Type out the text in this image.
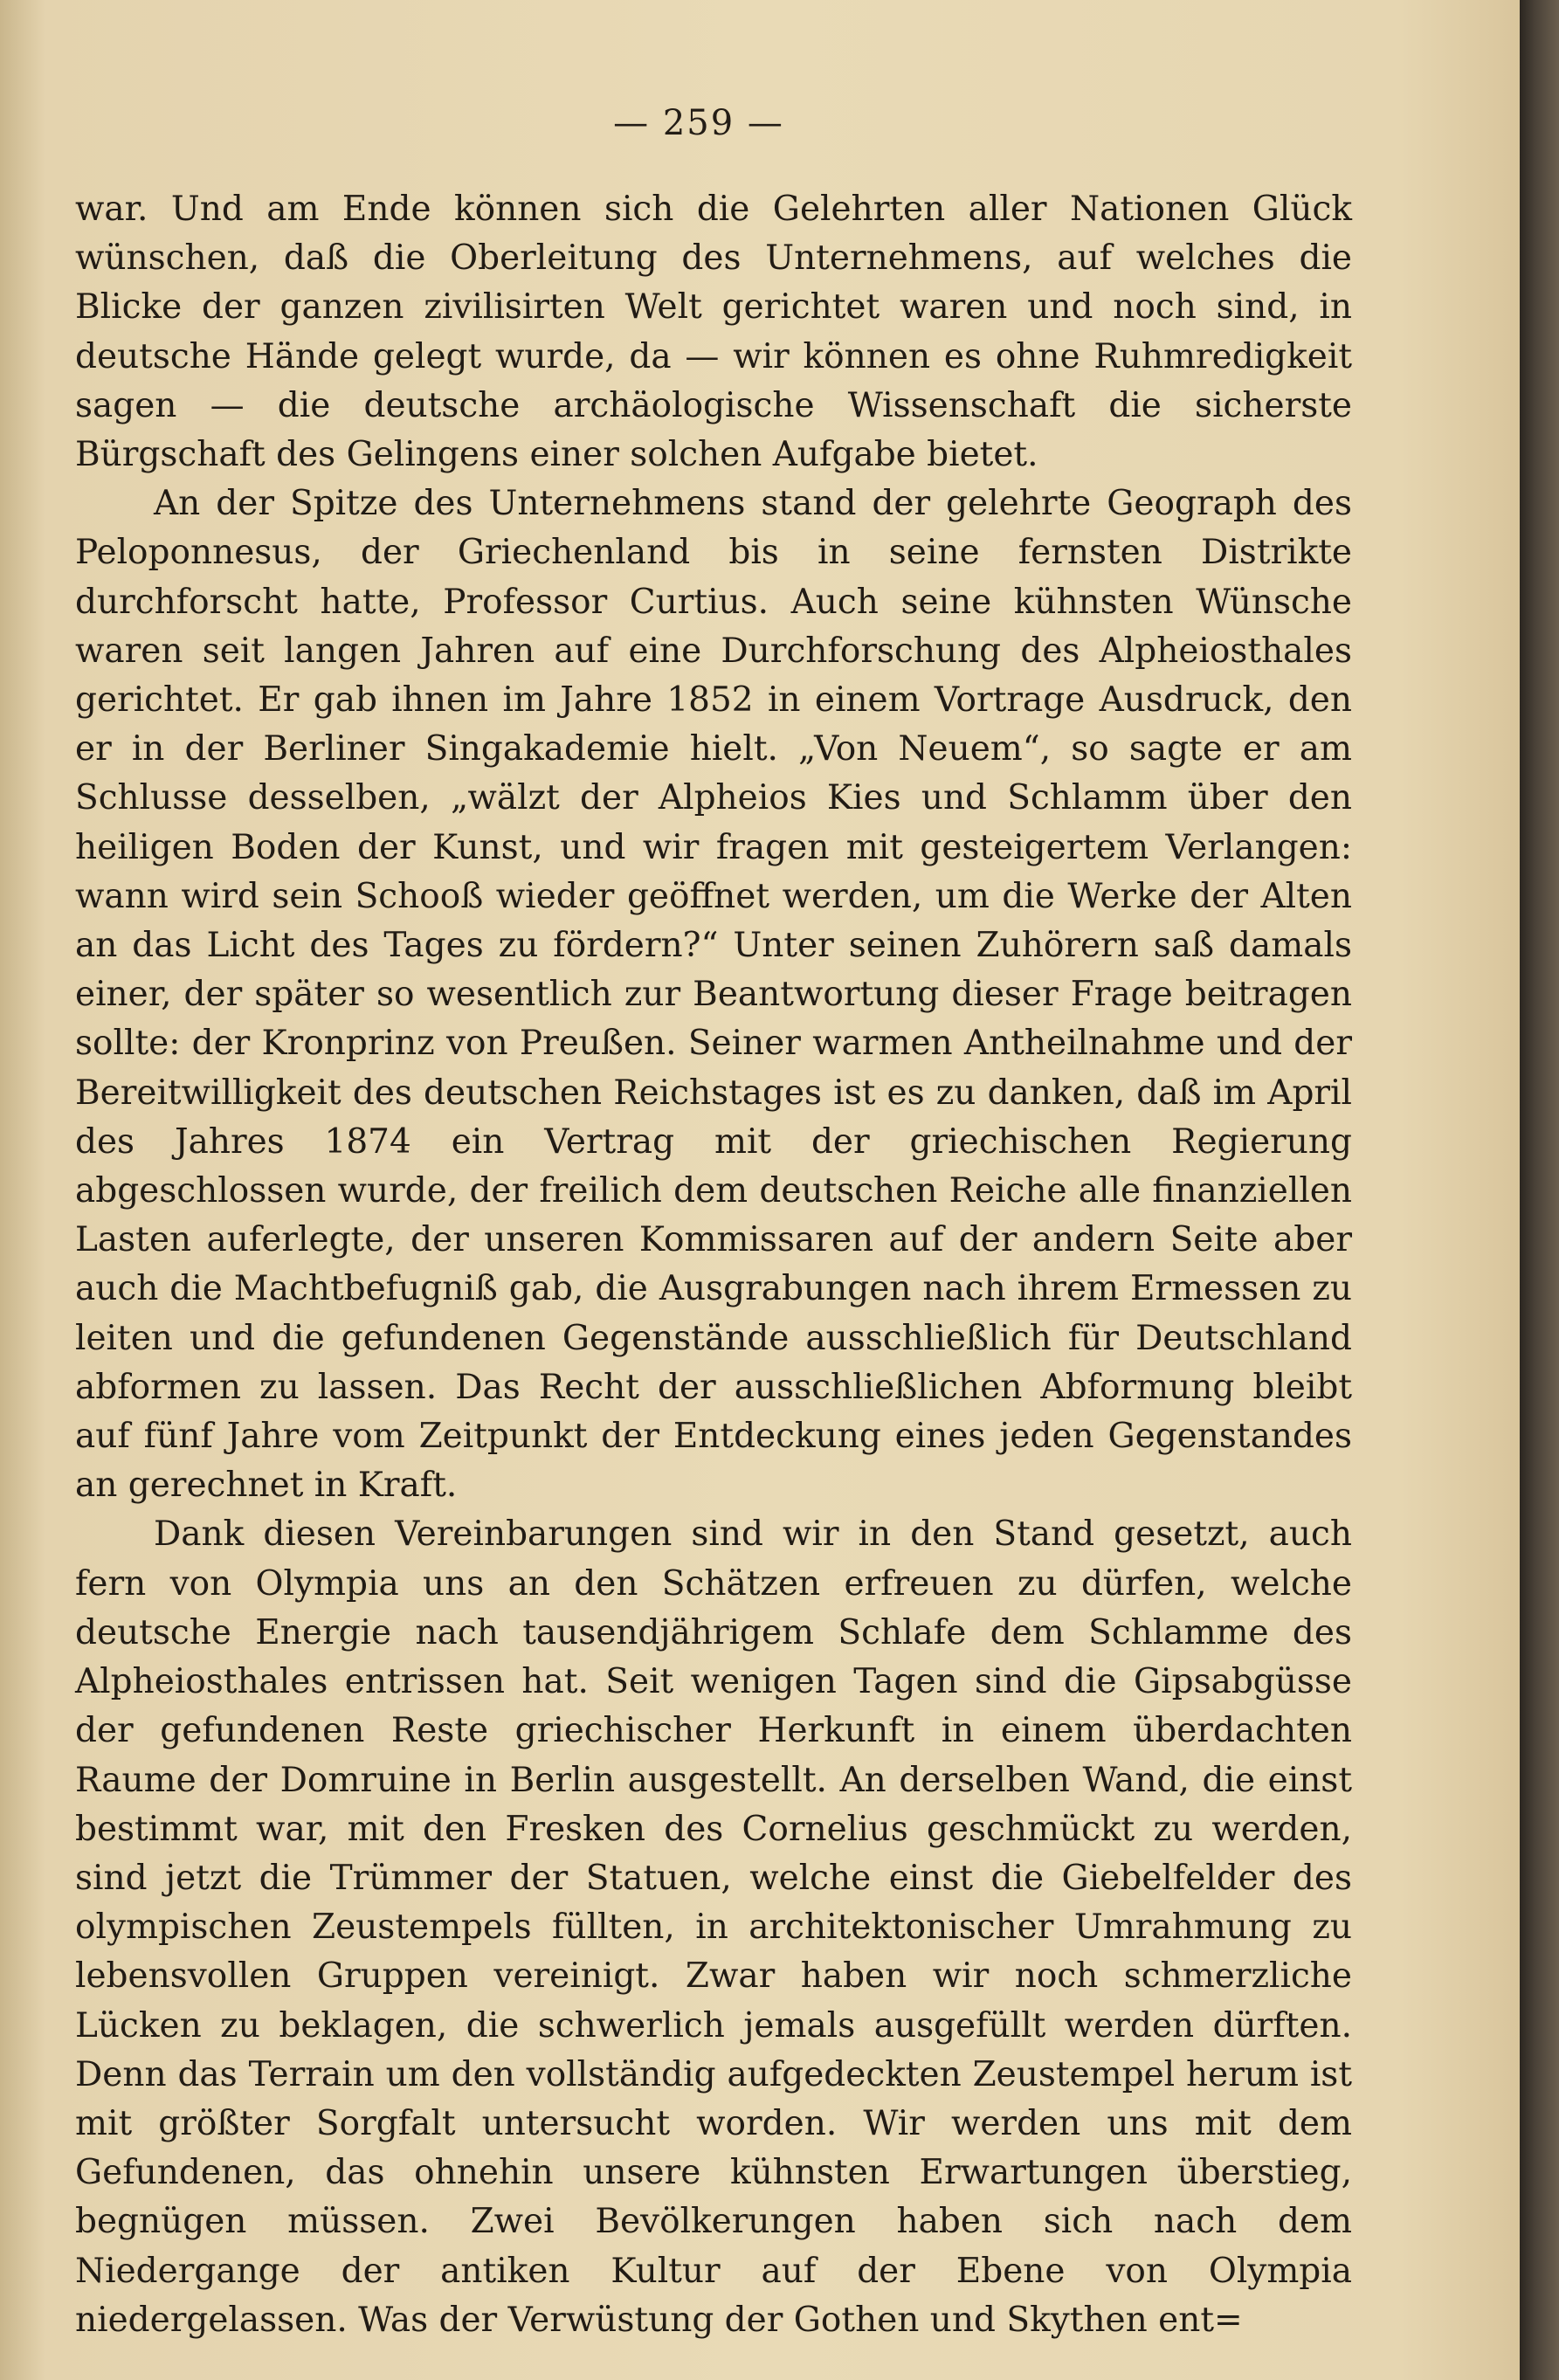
— 259 —

war. Und am Ende können sich die Gelehrten aller Nationen Glück wünschen, daß die Oberleitung des Unternehmens, auf welches die Blicke der ganzen zivilisirten Welt gerichtet waren und noch sind, in deutsche Hände gelegt wurde, da — wir können es ohne Ruhmredigkeit sagen — die deutsche archäologische Wissenschaft die sicherste Bürgschaft des Gelingens einer solchen Aufgabe bietet.

An der Spitze des Unternehmens stand der gelehrte Geograph des Peloponnesus, der Griechenland bis in seine fernsten Distrikte durchforscht hatte, Professor Curtius. Auch seine kühnsten Wünsche waren seit langen Jahren auf eine Durchforschung des Alpheiosthales gerichtet. Er gab ihnen im Jahre 1852 in einem Vortrage Ausdruck, den er in der Berliner Singakademie hielt. „Von Neuem“, so sagte er am Schlusse desselben, „wälzt der Alpheios Kies und Schlamm über den heiligen Boden der Kunst, und wir fragen mit gesteigertem Verlangen: wann wird sein Schooß wieder geöffnet werden, um die Werke der Alten an das Licht des Tages zu fördern?“ Unter seinen Zuhörern saß damals einer, der später so wesentlich zur Beantwortung dieser Frage beitragen sollte: der Kronprinz von Preußen. Seiner warmen Antheilnahme und der Bereitwilligkeit des deutschen Reichstages ist es zu danken, daß im April des Jahres 1874 ein Vertrag mit der griechischen Regierung abgeschlossen wurde, der freilich dem deutschen Reiche alle finanziellen Lasten auferlegte, der unseren Kommissaren auf der andern Seite aber auch die Machtbefugniß gab, die Ausgrabungen nach ihrem Ermessen zu leiten und die gefundenen Gegenstände ausschließlich für Deutschland abformen zu lassen. Das Recht der ausschließlichen Abformung bleibt auf fünf Jahre vom Zeitpunkt der Entdeckung eines jeden Gegenstandes an gerechnet in Kraft.

Dank diesen Vereinbarungen sind wir in den Stand gesetzt, auch fern von Olympia uns an den Schätzen erfreuen zu dürfen, welche deutsche Energie nach tausendjährigem Schlafe dem Schlamme des Alpheiosthales entrissen hat. Seit wenigen Tagen sind die Gipsabgüsse der gefundenen Reste griechischer Herkunft in einem überdachten Raume der Domruine in Berlin ausgestellt. An derselben Wand, die einst bestimmt war, mit den Fresken des Cornelius geschmückt zu werden, sind jetzt die Trümmer der Statuen, welche einst die Giebelfelder des olympischen Zeustempels füllten, in architektonischer Umrahmung zu lebensvollen Gruppen vereinigt. Zwar haben wir noch schmerzliche Lücken zu beklagen, die schwerlich jemals ausgefüllt werden dürften. Denn das Terrain um den vollständig aufgedeckten Zeustempel herum ist mit größter Sorgfalt untersucht worden. Wir werden uns mit dem Gefundenen, das ohnehin unsere kühnsten Erwartungen überstieg, begnügen müssen. Zwei Bevölkerungen haben sich nach dem Niedergange der antiken Kultur auf der Ebene von Olympia niedergelassen. Was der Verwüstung der Gothen und Skythen ent=
